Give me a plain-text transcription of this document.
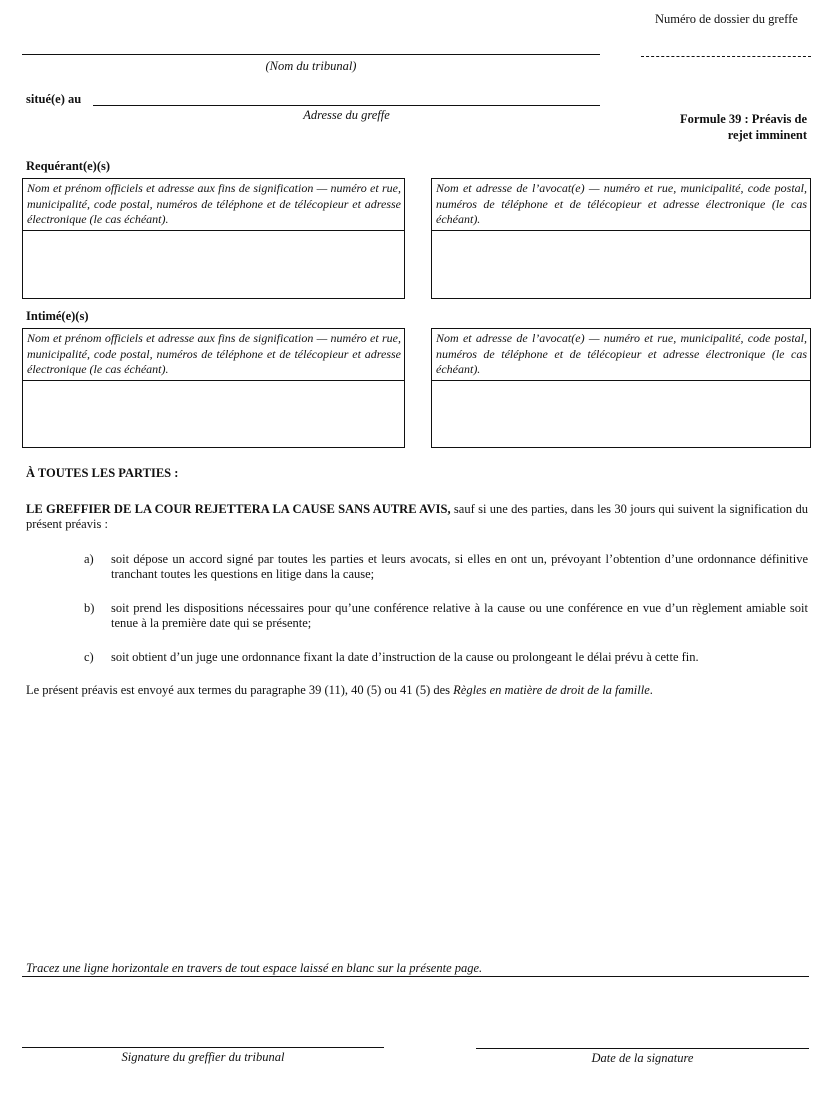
Numéro de dossier du greffe
(Nom du tribunal)
situé(e) au
Adresse du greffe	Formule 39 : Préavis de
rejet imminent
Requérant(e)(s)
Nom et prénom officiels et adresse aux fins de signification — numéro et rue, municipalité, code postal, numéros de téléphone et de télécopieur et adresse électronique (le cas échéant).
Nom et adresse de l’avocat(e) — numéro et rue, municipalité, code postal, numéros de téléphone et de télécopieur et adresse électronique (le cas échéant).
Intimé(e)(s)
Nom et prénom officiels et adresse aux fins de signification — numéro et rue, municipalité, code postal, numéros de téléphone et de télécopieur et adresse électronique (le cas échéant).
Nom et adresse de l’avocat(e) — numéro et rue, municipalité, code postal, numéros de téléphone et de télécopieur et adresse électronique (le cas échéant).
À TOUTES LES PARTIES :
LE GREFFIER DE LA COUR REJETTERA LA CAUSE SANS AUTRE AVIS, sauf si une des parties, dans les 30 jours qui suivent la signification du présent préavis :
a) soit dépose un accord signé par toutes les parties et leurs avocats, si elles en ont un, prévoyant l’obtention d’une ordonnance définitive tranchant toutes les questions en litige dans la cause;
b) soit prend les dispositions nécessaires pour qu’une conférence relative à la cause ou une conférence en vue d’un règlement amiable soit tenue à la première date qui se présente;
c) soit obtient d’un juge une ordonnance fixant la date d’instruction de la cause ou prolongeant le délai prévu à cette fin.
Le présent préavis est envoyé aux termes du paragraphe 39 (11), 40 (5) ou 41 (5) des Règles en matière de droit de la famille.
Tracez une ligne horizontale en travers de tout espace laissé en blanc sur la présente page.
Signature du greffier du tribunal	Date de la signature
